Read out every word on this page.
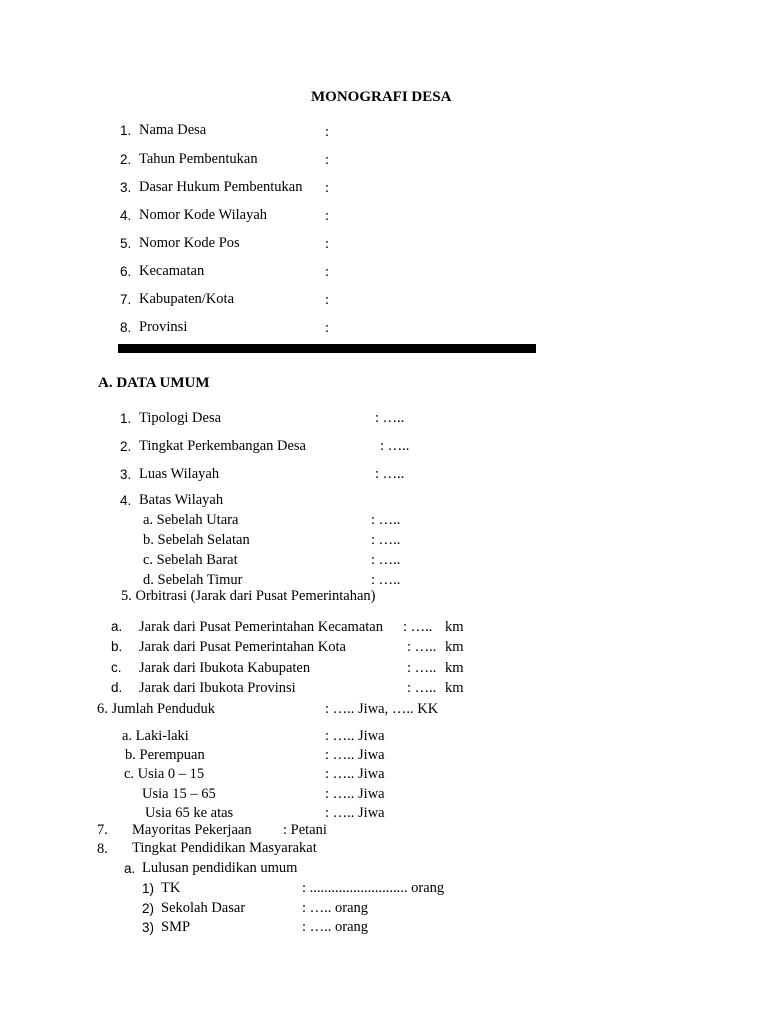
MONOGRAFI DESA
1. Nama Desa	:
2. Tahun Pembentukan	:
3. Dasar Hukum Pembentukan :
4. Nomor Kode Wilayah	:
5. Nomor Kode Pos	:
6. Kecamatan	:
7. Kabupaten/Kota	:
8. Provinsi	:
A. DATA UMUM
1. Tipologi Desa	: …..
2. Tingkat Perkembangan Desa	: …..
3. Luas Wilayah	: …..
4. Batas Wilayah
a. Sebelah Utara	: …..
b. Sebelah Selatan	: …..
c. Sebelah Barat	: …..
d. Sebelah Timur	: …..
5. Orbitrasi (Jarak dari Pusat Pemerintahan)
a. Jarak dari Pusat Pemerintahan Kecamatan : ….. km
b. Jarak dari Pusat Pemerintahan Kota	: ….. km
c. Jarak dari Ibukota Kabupaten	: ….. km
d. Jarak dari Ibukota Provinsi	: ….. km
6. Jumlah Penduduk	: ….. Jiwa, ….. KK
a. Laki-laki	: ….. Jiwa
b. Perempuan	: ….. Jiwa
c. Usia 0 – 15	: ….. Jiwa
Usia 15 – 65	: ….. Jiwa
Usia 65 ke atas	: ….. Jiwa
7. Mayoritas Pekerjaan : Petani
8. Tingkat Pendidikan Masyarakat
a. Lulusan pendidikan umum
1) TK	: ........................... orang
2) Sekolah Dasar	: ….. orang
3) SMP	: ….. orang
